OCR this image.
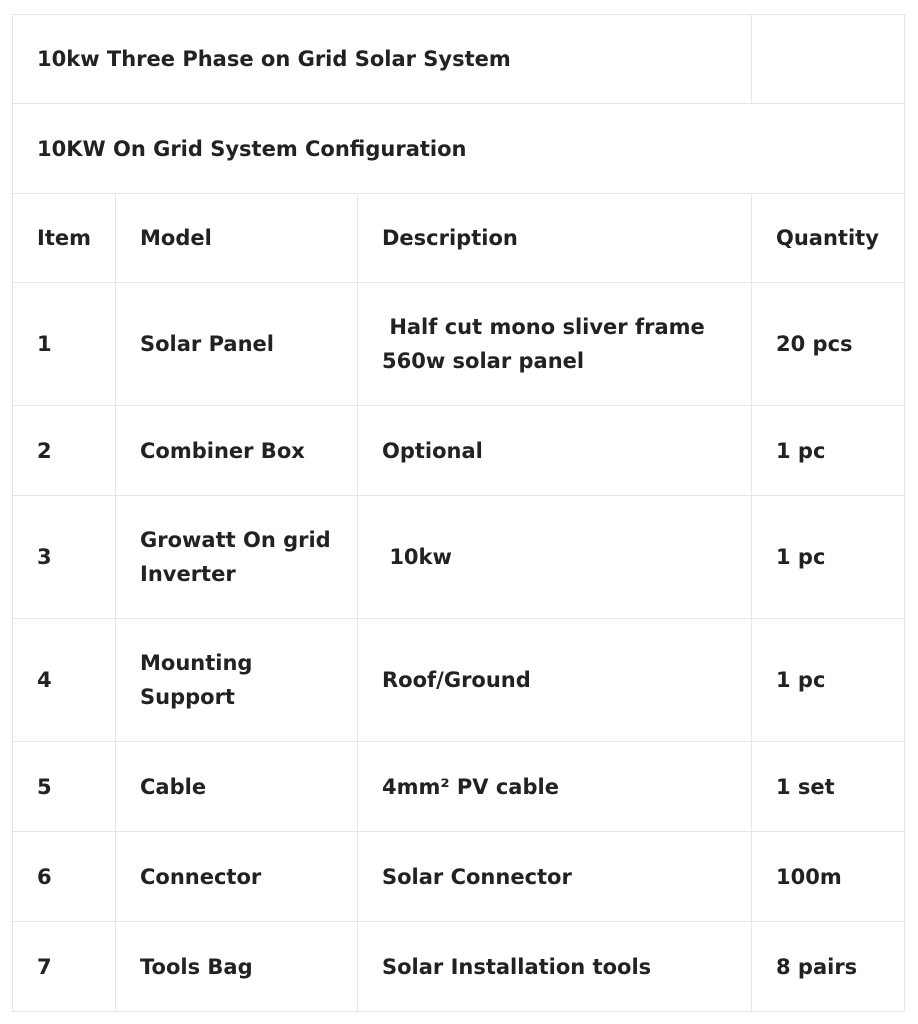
10kw Three Phase on Grid Solar System			
10KW On Grid System Configuration			
Item	Model	Description	Quantity
1	Solar Panel	Half cut mono sliver frame 560w solar panel	20 pcs
2	Combiner Box	Optional	1 pc
3	Growatt On grid Inverter	10kw	1 pc
4	Mounting Support	Roof/Ground	1 pc
5	Cable	4mm² PV cable	1 set
6	Connector	Solar Connector	100m
7	Tools Bag	Solar Installation tools	8 pairs
